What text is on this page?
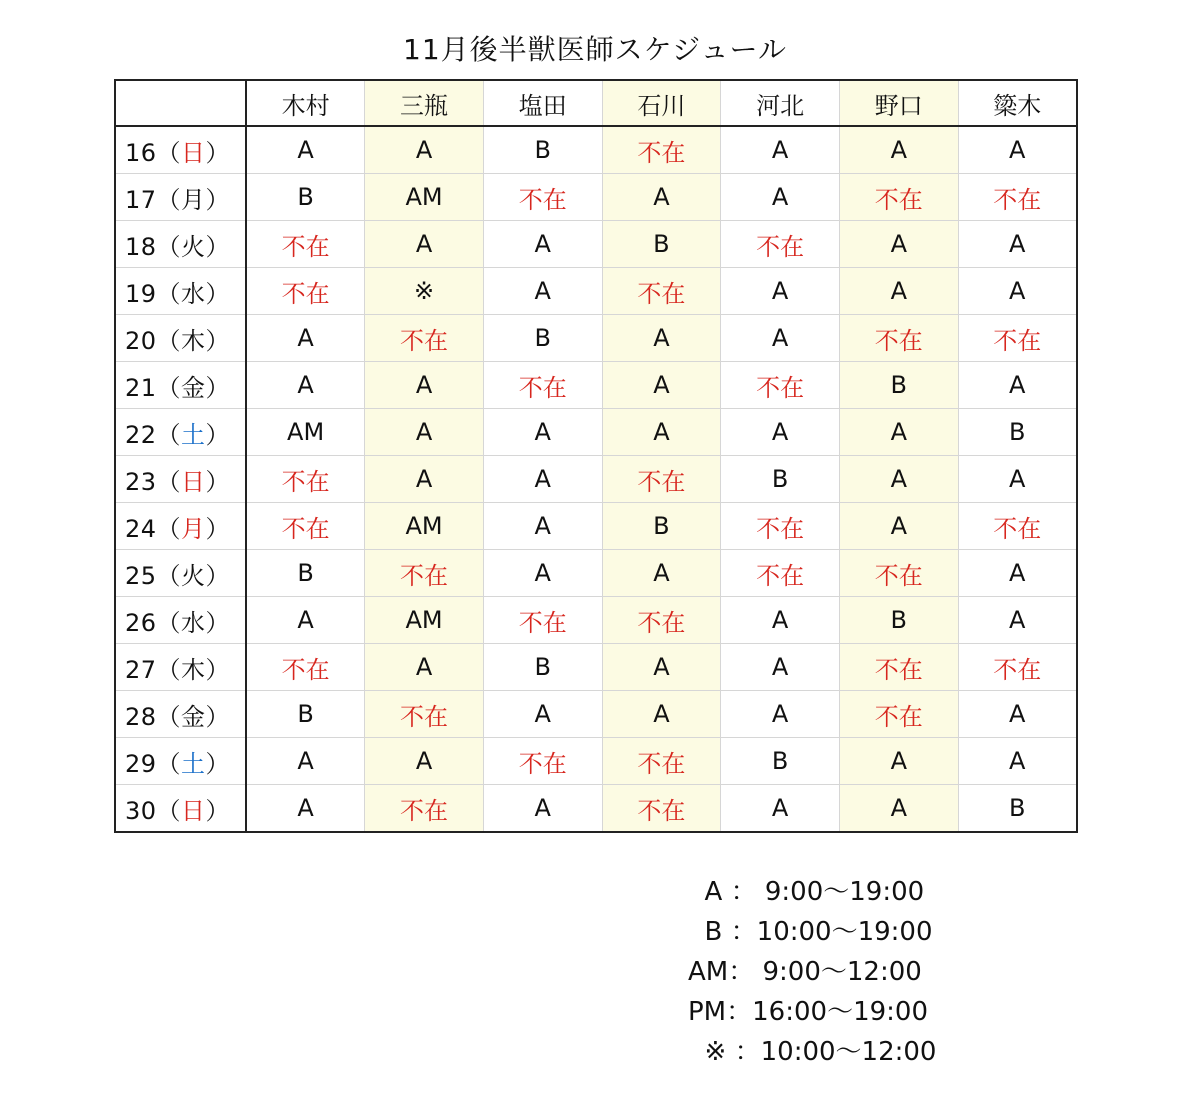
11月後半獣医師スケジュール
	木村	三瓶	塩田	石川	河北	野口	簗木
16（日）	A	A	B	不在	A	A	A
17（月）	B	AM	不在	A	A	不在	不在
18（火）	不在	A	A	B	不在	A	A
19（水）	不在	※	A	不在	A	A	A
20（木）	A	不在	B	A	A	不在	不在
21（金）	A	A	不在	A	不在	B	A
22（土）	AM	A	A	A	A	A	B
23（日）	不在	A	A	不在	B	A	A
24（月）	不在	AM	A	B	不在	A	不在
25（火）	B	不在	A	A	不在	不在	A
26（水）	A	AM	不在	不在	A	B	A
27（木）	不在	A	B	A	A	不在	不在
28（金）	B	不在	A	A	A	不在	A
29（土）	A	A	不在	不在	B	A	A
30（日）	A	不在	A	不在	A	A	B
A ： 9:00〜19:00
B ：10:00〜19:00
AM： 9:00〜12:00
PM：16:00〜19:00
※ ：10:00〜12:00
